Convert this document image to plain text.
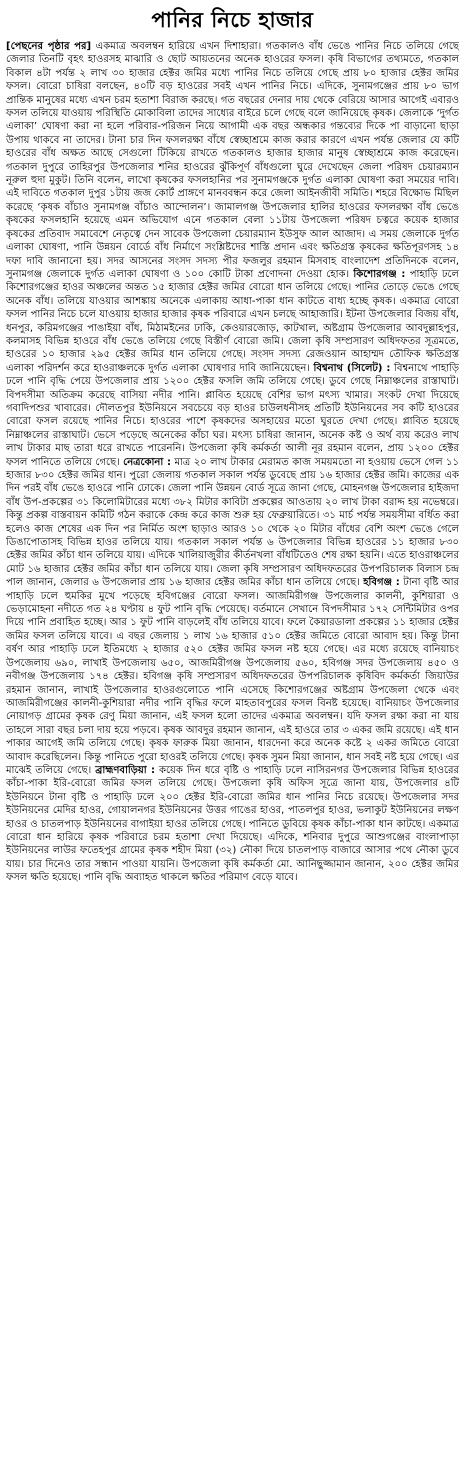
পানির নিচে হাজার

[পেছনের পৃষ্ঠার পর] একমাত্র অবলম্বন হারিয়ে এখন দিশাহারা। গতকালও বাঁধ ভেঙে পানির নিচে তলিয়ে গেছে জেলার তিনটি বৃহৎ হাওরসহ মাঝারি ও ছোট আয়তনের অনেক হাওরের ফসল। কৃষি বিভাগের তথ্যমতে, গতকাল বিকাল ৪টা পর্যন্ত ২ লাখ ৩০ হাজার হেক্টর জমির মধ্যে পানির নিচে তলিয়ে গেছে প্রায় ৮০ হাজার হেক্টর জমির ফসল। বোরো চাষিরা বলছেন, ৪০টি বড় হাওরের সবই এখন পানির নিচে। এদিকে, সুনামগঞ্জের প্রায় ৮০ ভাগ প্রান্তিক মানুষের মধ্যে এখন চরম হতাশা বিরাজ করছে। গত বছরের দেনার দায় থেকে বেরিয়ে আসার আগেই এবারও ফসল তলিয়ে যাওয়ায় পরিস্থিতি মোকাবিলা তাদের সাধ্যের বাইরে চলে গেছে বলে জানিয়েছে কৃষক। জেলাকে ‘দুর্গত এলাকা’ ঘোষণা করা না হলে পরিবার-পরিজন নিয়ে আগামী এক বছর অন্ধকার গন্তব্যের দিকে পা বাড়ানো ছাড়া উপায় থাকবে না তাদের। টানা চার দিন ফসলরক্ষা বাঁধে স্বেচ্ছাশ্রমে কাজ করার কারণে এখন পর্যন্ত জেলার যে কটি হাওরের বাঁধ অক্ষত আছে সেগুলো টিকিয়ে রাখতে গতকালও হাজার হাজার মানুষ স্বেচ্ছাশ্রমে কাজ করেছেন। গতকাল দুপুরে তাহিরপুর উপজেলার শনির হাওরের ঝুঁকিপূর্ণ বাঁধগুলো ঘুরে দেখেছেন জেলা পরিষদ চেয়ারম্যান নূরুল হুদা মুকুট। তিনি বলেন, লাখো কৃষকের ফসলহানির পর সুনামগঞ্জকে দুর্গত এলাকা ঘোষণা করা সময়ের দাবি। এই দাবিতে গতকাল দুপুর ১টায় জজ কোর্ট প্রাঙ্গণে মানববন্ধন করে জেলা আইনজীবী সমিতি। শহরে বিক্ষোভ মিছিল করেছে ‘কৃষক বাঁচাও সুনামগঞ্জ বাঁচাও আন্দোলন’। জামালগঞ্জ উপজেলার হালির হাওরের ফসলরক্ষা বাঁধ ভেঙে কৃষকের ফসলহানি হয়েছে এমন অভিযোগ এনে গতকাল বেলা ১১টায় উপজেলা পরিষদ চত্বরে কয়েক হাজার কৃষকের প্রতিবাদ সমাবেশে নেতৃত্বে দেন সাবেক উপজেলা চেয়ারম্যান ইউসুফ আল আজাদ। এ সময় জেলাকে দুর্গত এলাকা ঘোষণা, পানি উন্নয়ন বোর্ডে বাঁধ নির্মাণে সংশ্লিষ্টদের শাস্তি প্রদান এবং ক্ষতিগ্রস্ত কৃষকের ক্ষতিপূরণসহ ১৪ দফা দাবি জানানো হয়। সদর আসনের সংসদ সদস্য পীর ফজলুর রহমান মিসবাহ বাংলাদেশ প্রতিদিনকে বলেন, সুনামগঞ্জ জেলাকে দুর্গত এলাকা ঘোষণা ও ১০০ কোটি টাকা প্রণোদনা দেওয়া হোক। কিশোরগঞ্জ : পাহাড়ি ঢলে কিশোরগঞ্জের হাওর অঞ্চলের অন্তত ১৫ হাজার হেক্টর জমির বোরো ধান তলিয়ে গেছে। পানির তোড়ে ভেঙে গেছে অনেক বাঁধ। তলিয়ে যাওয়ার আশঙ্কায় অনেকে এলাকায় আধা-পাকা ধান কাটতে বাধ্য হচ্ছে কৃষক। একমাত্র বোরো ফসল পানির নিচে চলে যাওয়ায় হাজার হাজার কৃষক পরিবারে এখন চলছে আহাজারি। ইটনা উপজেলার বিজয় বাঁধ, ধনপুর, করিমগঞ্জের পাঙাইয়া বাঁধ, মিঠামইনের ঢাকি, কেওয়ারজোড়, কাটখাল, অষ্টগ্রাম উপজেলার আবদুল্লাহপুর, কলমাসহ বিভিন্ন হাওরে বাঁধ ভেঙে তলিয়ে গেছে বিস্তীর্ণ বোরো জমি। জেলা কৃষি সম্প্রসারণ অধিদফতর সূত্রমতে, হাওরের ১০ হাজার ২৯৫ হেক্টর জমির ধান তলিয়ে গেছে। সংসদ সদস্য রেজওয়ান আহাম্মদ তৌফিক ক্ষতিগ্রস্ত এলাকা পরিদর্শন করে হাওরাঞ্চলকে দুর্গত এলাকা ঘোষণার দাবি জানিয়েছেন। বিশ্বনাথ (সিলেট) : বিশ্বনাথে পাহাড়ি ঢলে পানি বৃদ্ধি পেয়ে উপজেলার প্রায় ১২০০ হেক্টর ফসলি জমি তলিয়ে গেছে। ডুবে গেছে নিম্নাঞ্চলের রাস্তাঘাট। বিপদসীমা অতিক্রম করেছে বাসিয়া নদীর পানি। প্লাবিত হয়েছে বেশির ভাগ মৎস্য খামার। সংকট দেখা দিয়েছে গবাদিপশুর খাবারের। দৌলতপুর ইউনিয়নে সবচেয়ে বড় হাওর চাউলধনীসহ প্রতিটি ইউনিয়নের সব কটি হাওরের বোরো ফসল রয়েছে পানির নিচে। হাওরের পাশে কৃষকদের অসহায়ের মতো ঘুরতে দেখা গেছে। প্লাবিত হয়েছে নিম্নাঞ্চলের রাস্তাঘাট। ভেসে পড়েছে অনেকের কাঁচা ঘর। মৎস্য চাষিরা জানান, অনেক কষ্ট ও অর্থ ব্যয় করেও লাখ লাখ টাকার মাছ তারা ধরে রাখতে পারেননি। উপজেলা কৃষি কর্মকর্তা আলী নূর রহমান বলেন, প্রায় ১২০০ হেক্টর ফসল পানিতে তলিয়ে গেছে। নেত্রকোনা : মাত্র ২০ লাখ টাকার মেরামত কাজ সময়মতো না হওয়ায় ভেসে গেল ১১ হাজার ৮৩০ হেক্টর জমির ধান। পুরো জেলায় গতকাল সকাল পর্যন্ত ডুবেছে প্রায় ১৬ হাজার হেক্টর জমি। কাজের এক দিন পরই বাঁধ ভেঙে হাওরে পানি ঢোকে। জেলা পানি উন্নয়ন বোর্ড সূত্রে জানা গেছে, মোহনগঞ্জ উপজেলার হাইজদা বাঁধ উপ-প্রকল্পের ৩১ কিলোমিটারের মধ্যে ৩৮২ মিটার কাবিটা প্রকল্পের আওতায় ২০ লাখ টাকা বরাদ্দ হয় নভেম্বরে। কিন্তু প্রকল্প বাস্তবায়ন কমিটি গঠন করাকে কেন্দ্র করে কাজ শুরু হয় ফেব্রুয়ারিতে। ৩১ মার্চ পর্যন্ত সময়সীমা বর্ধিত করা হলেও কাজ শেষের এক দিন পর নির্মিত অংশ ছাড়াও আরও ১০ থেকে ২০ মিটার বাঁধের বেশি অংশ ভেঙে গেলে ডিঙাপোতাসহ বিভিন্ন হাওর তলিয়ে যায়। গতকাল সকাল পর্যন্ত ৬ উপজেলার বিভিন্ন হাওরের ১১ হাজার ৮৩০ হেক্টর জমির কাঁচা ধান তলিয়ে যায়। এদিকে খালিয়াজুরীর কীর্তনখলা বাঁধটিতেও শেষ রক্ষা হয়নি। এতে হাওরাঞ্চলের মোট ১৬ হাজার হেক্টর জমির কাঁচা ধান তলিয়ে যায়। জেলা কৃষি সম্প্রসারণ অধিদফতরের উপপরিচালক বিলাস চন্দ্র পাল জানান, জেলার ৬ উপজেলার প্রায় ১৬ হাজার হেক্টর জমির কাঁচা ধান তলিয়ে গেছে। হবিগঞ্জ : টানা বৃষ্টি আর পাহাড়ি ঢলে হুমকির মুখে পড়েছে হবিগঞ্জের বোরো ফসল। আজমিরীগঞ্জ উপজেলার কালনী, কুশিয়ারা ও ভেড়ামোহনা নদীতে গত ২৪ ঘণ্টায় ৪ ফুট পানি বৃদ্ধি পেয়েছে। বর্তমানে সেখানে বিপদসীমার ১৭২ সেন্টিমিটার ওপর দিয়ে পানি প্রবাহিত হচ্ছে। আর ১ ফুট পানি বাড়লেই বাঁধ তলিয়ে যাবে। ফলে কৈয়ারডালা প্রকল্পের ১১ হাজার হেক্টর জমির ফসল তলিয়ে যাবে। এ বছর জেলায় ১ লাখ ১৬ হাজার ৫১০ হেক্টর জমিতে বোরো আবাদ হয়। কিন্তু টানা বর্ষণ আর পাহাড়ি ঢলে ইতিমধ্যে ২ হাজার ৫২০ হেক্টর জমির ফসল নষ্ট হয়ে গেছে। এর মধ্যে রয়েছে বানিয়াচং উপজেলায় ৬৯০, লাখাই উপজেলায় ৬৫০, আজমিরীগঞ্জ উপজেলায় ৫৬০, হবিগঞ্জ সদর উপজেলায় ৪৫০ ও নবীগঞ্জ উপজেলায় ১৭৪ হেক্টর। হবিগঞ্জ কৃষি সম্প্রসারণ অধিদফতরের উপপরিচালক কৃষিবিদ কর্মকর্তা জিয়াউর রহমান জানান, লাখাই উপজেলার হাওরগুলোতে পানি এসেছে কিশোরগঞ্জের অষ্টগ্রাম উপজেলা থেকে এবং আজমিরীগঞ্জের কালনী-কুশিয়ারা নদীর পানি বৃদ্ধির ফলে মাহতাবপুরের ফসল বিনষ্ট হয়েছে। বানিয়াচং উপজেলার নোয়াগড় গ্রামের কৃষক রেণু মিয়া জানান, এই ফসল হলো তাদের একমাত্র অবলম্বন। যদি ফসল রক্ষা করা না যায় তাহলে সারা বছর চলা দায় হয়ে পড়বে। কৃষক আবদুর রহমান জানান, এই হাওরে তার ৩ একর জমি রয়েছে। এই ধান পাকার আগেই জমি তলিয়ে গেছে। কৃষক ফারুক মিয়া জানান, ধারদেনা করে অনেক কষ্টে ২ একর জমিতে বোরো আবাদ করেছিলেন। কিন্তু পানিতে পুরো হাওরই তলিয়ে গেছে। কৃষক সুমন মিয়া জানান, ধান সবই নষ্ট হয়ে গেছে। এর মাঝেই তলিয়ে গেছে। ব্রাহ্মণবাড়িয়া : কয়েক দিন ধরে বৃষ্টি ও পাহাড়ি ঢলে নাসিরনগর উপজেলার বিভিন্ন হাওরের কাঁচা-পাকা ইরি-বোরো জমির ফসল তলিয়ে গেছে। উপজেলা কৃষি অফিস সূত্রে জানা যায়, উপজেলার ৪টি ইউনিয়নে টানা বৃষ্টি ও পাহাড়ি ঢলে ২০০ হেক্টর ইরি-বোরো জমির ধান পানির নিচে রয়েছে। উপজেলার সদর ইউনিয়নের মেদির হাওর, গোয়ালনগর ইউনিয়নের উত্তর গাঙের হাওর, পাতলপুর হাওর, ভলাকুট ইউনিয়নের লক্ষণ হাওর ও চাতলপাড় ইউনিয়নের বাগাইয়া হাওর তলিয়ে গেছে। পানিতে ডুবিয়ে কৃষক কাঁচা-পাকা ধান কাটছে। একমাত্র বোরো ধান হারিয়ে কৃষক পরিবারে চরম হতাশা দেখা দিয়েছে। এদিকে, শনিবার দুপুরে আশুগঞ্জের বাংলাপাড়া ইউনিয়নের লাউর ফতেহপুর গ্রামের কৃষক শহীদ মিয়া (৩২) নৌকা দিয়ে চাতলপাড় বাজারে আসার পথে নৌকা ডুবে যায়। চার দিনেও তার সন্ধান পাওয়া যায়নি। উপজেলা কৃষি কর্মকর্তা মো. আনিছুজ্জামান জানান, ২০০ হেক্টর জমির ফসল ক্ষতি হয়েছে। পানি বৃদ্ধি অব্যাহত থাকলে ক্ষতির পরিমাণ বেড়ে যাবে।
